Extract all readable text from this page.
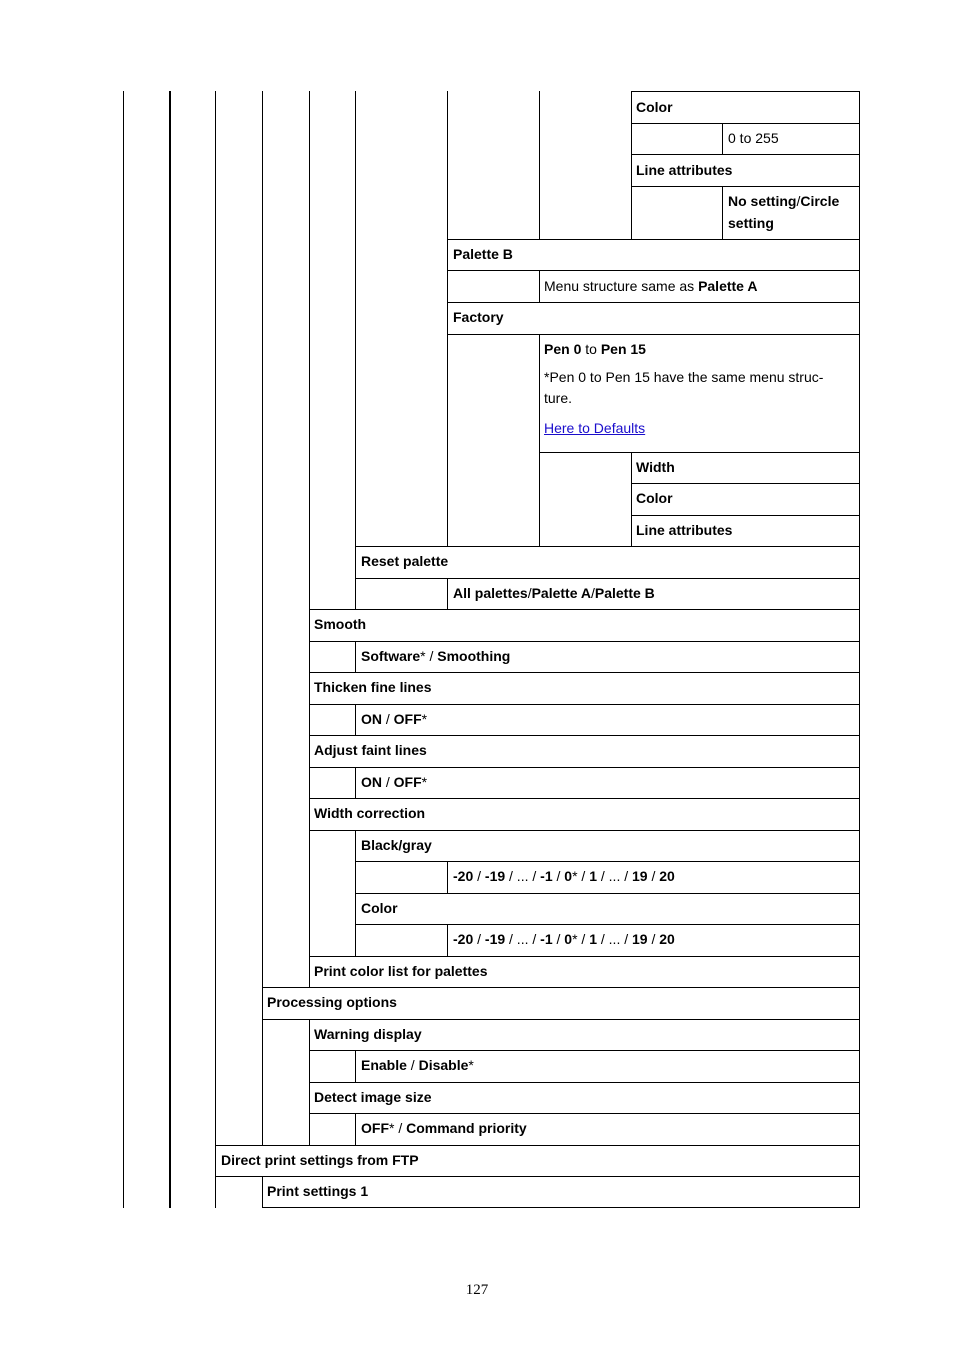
Color
0 to 255
Line attributes
No setting/Circle
setting
Palette B
Menu structure same as Palette A
Factory
Pen 0 to Pen 15
*Pen 0 to Pen 15 have the same menu struc-
ture.
Here to Defaults
Width
Color
Line attributes
Reset palette
All palettes/Palette A/Palette B
Smooth
Software* / Smoothing
Thicken fine lines
ON / OFF*
Adjust faint lines
ON / OFF*
Width correction
Black/gray
-20 / -19 / ... / -1 / 0* / 1 / ... / 19 / 20
Color
-20 / -19 / ... / -1 / 0* / 1 / ... / 19 / 20
Print color list for palettes
Processing options
Warning display
Enable / Disable*
Detect image size
OFF* / Command priority
Direct print settings from FTP
Print settings 1
127
